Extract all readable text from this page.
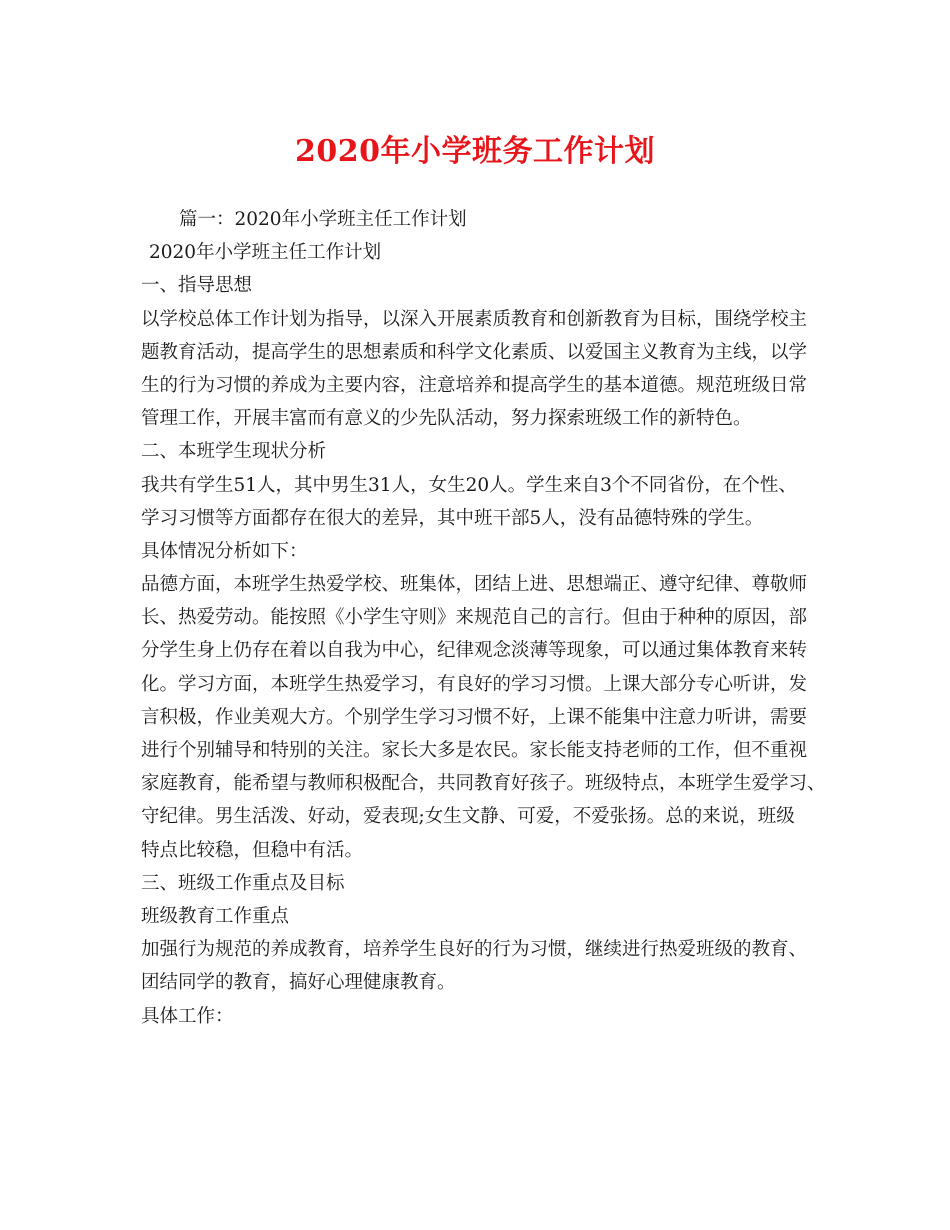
2020年小学班务工作计划
篇一：2020年小学班主任工作计划
2020年小学班主任工作计划
一、指导思想
以学校总体工作计划为指导，以深入开展素质教育和创新教育为目标，围绕学校主
题教育活动，提高学生的思想素质和科学文化素质、以爱国主义教育为主线，以学
生的行为习惯的养成为主要内容，注意培养和提高学生的基本道德。规范班级日常
管理工作，开展丰富而有意义的少先队活动，努力探索班级工作的新特色。
二、本班学生现状分析
我共有学生51人，其中男生31人，女生20人。学生来自3个不同省份，在个性、
学习习惯等方面都存在很大的差异，其中班干部5人，没有品德特殊的学生。
具体情况分析如下：
品德方面，本班学生热爱学校、班集体，团结上进、思想端正、遵守纪律、尊敬师
长、热爱劳动。能按照《小学生守则》来规范自己的言行。但由于种种的原因，部
分学生身上仍存在着以自我为中心，纪律观念淡薄等现象，可以通过集体教育来转
化。学习方面，本班学生热爱学习，有良好的学习习惯。上课大部分专心听讲，发
言积极，作业美观大方。个别学生学习习惯不好，上课不能集中注意力听讲，需要
进行个别辅导和特别的关注。家长大多是农民。家长能支持老师的工作，但不重视
家庭教育，能希望与教师积极配合，共同教育好孩子。班级特点，本班学生爱学习、
守纪律。男生活泼、好动，爱表现;女生文静、可爱，不爱张扬。总的来说，班级
特点比较稳，但稳中有活。
三、班级工作重点及目标
班级教育工作重点
加强行为规范的养成教育，培养学生良好的行为习惯，继续进行热爱班级的教育、
团结同学的教育，搞好心理健康教育。
具体工作：
